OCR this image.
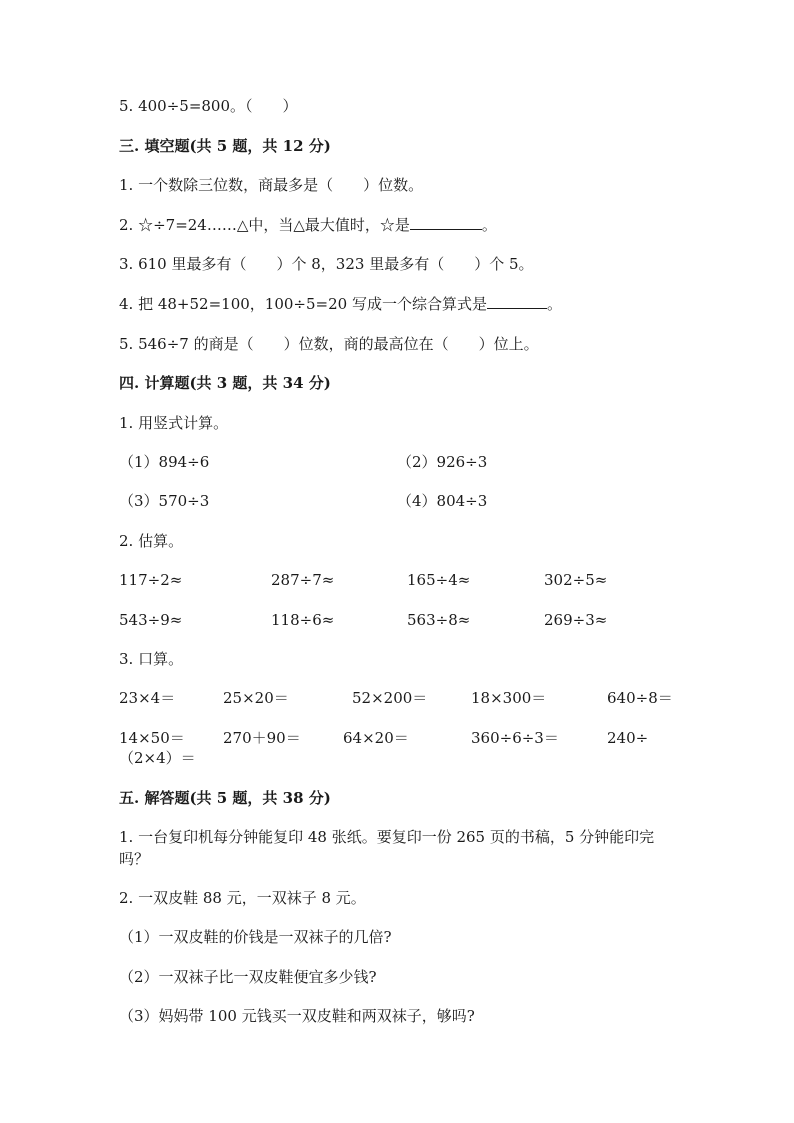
5. 400÷5=800。（　　）
三. 填空题(共 5 题，共 12 分)
1. 一个数除三位数，商最多是（　　）位数。
2. ☆÷7=24……△中，当△最大值时，☆是	。
3. 610 里最多有（　　）个 8，323 里最多有（　　）个 5。
4. 把 48+52=100，100÷5=20 写成一个综合算式是	。
5. 546÷7 的商是（　　）位数，商的最高位在（　　）位上。
四. 计算题(共 3 题，共 34 分)
1. 用竖式计算。
（1）894÷6	（2）926÷3
（3）570÷3	（4）804÷3
2. 估算。
117÷2≈	287÷7≈	165÷4≈	302÷5≈
543÷9≈	118÷6≈	563÷8≈	269÷3≈
3. 口算。
23×4＝	25×20＝	52×200＝	18×300＝	640÷8＝
14×50＝	270＋90＝	64×20＝	360÷6÷3＝	240÷
（2×4）＝
五. 解答题(共 5 题，共 38 分)
1. 一台复印机每分钟能复印 48 张纸。要复印一份 265 页的书稿，5 分钟能印完
吗？
2. 一双皮鞋 88 元，一双袜子 8 元。
（1）一双皮鞋的价钱是一双袜子的几倍?
（2）一双袜子比一双皮鞋便宜多少钱?
（3）妈妈带 100 元钱买一双皮鞋和两双袜子，够吗?
